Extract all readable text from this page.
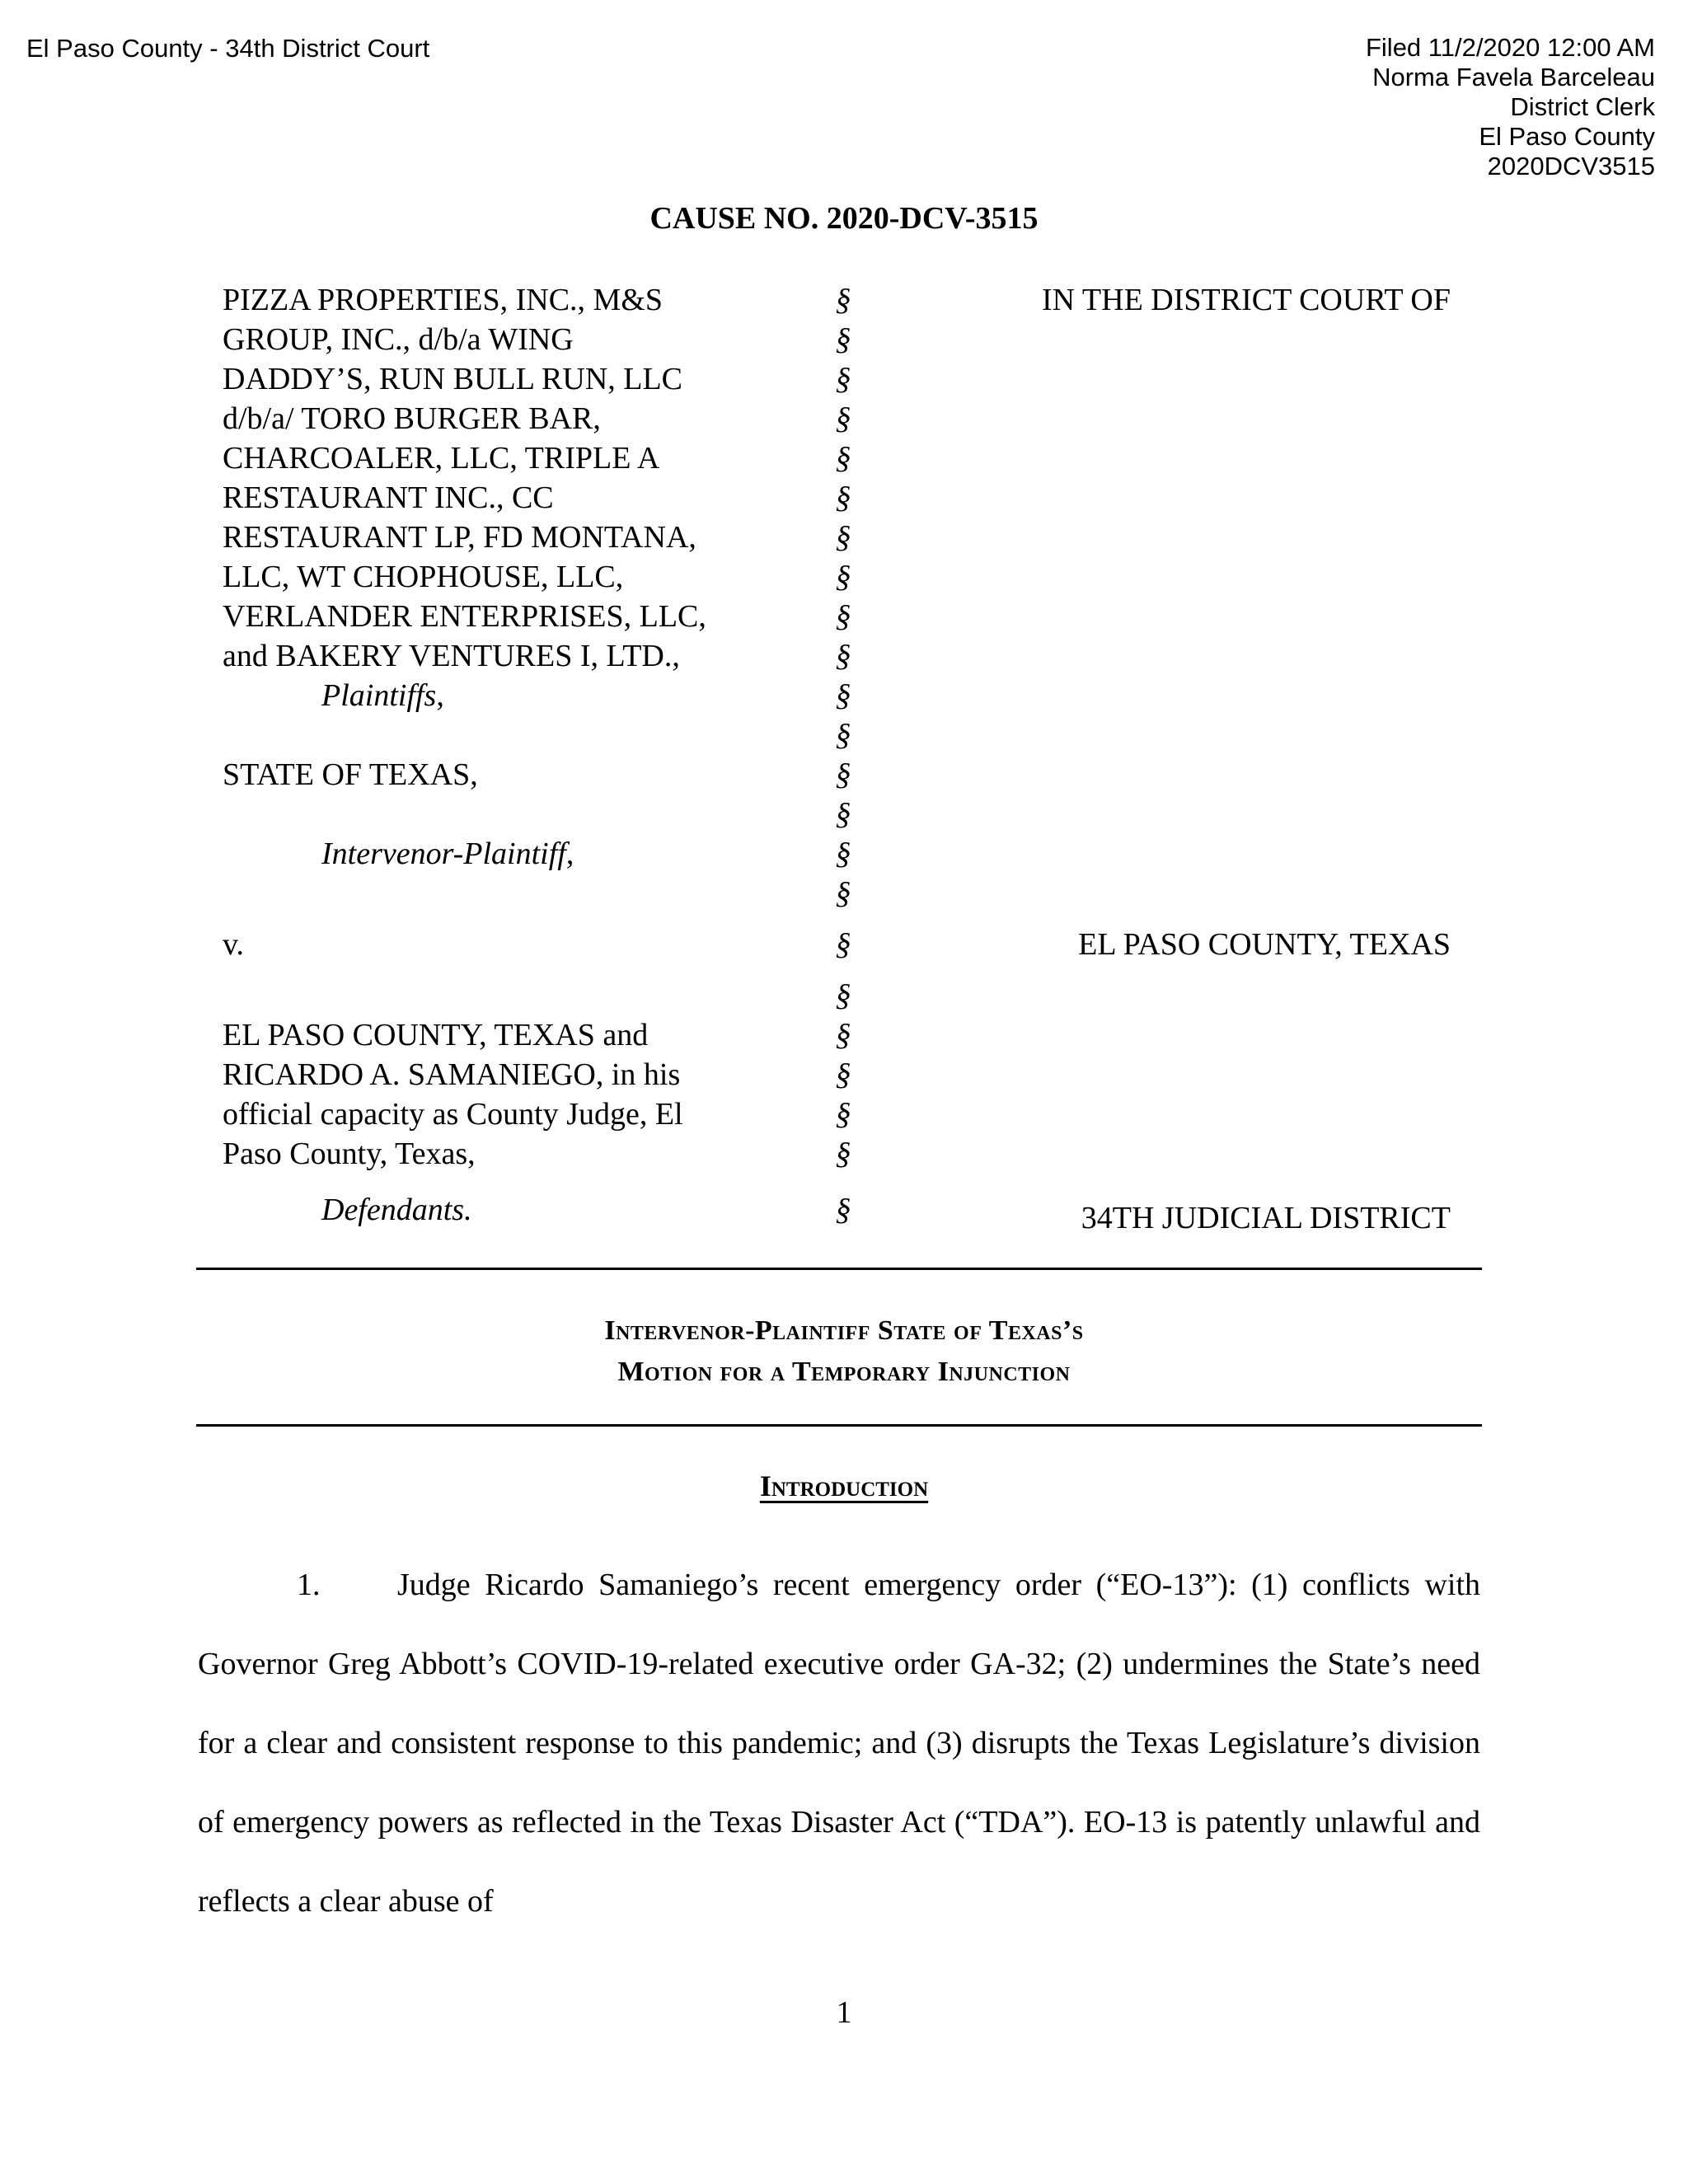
El Paso County - 34th District Court	Filed 11/2/2020 12:00 AM
Norma Favela Barceleau
District Clerk
El Paso County
2020DCV3515
CAUSE NO. 2020-DCV-3515
PIZZA PROPERTIES, INC., M&S
GROUP, INC., d/b/a WING
DADDY’S, RUN BULL RUN, LLC
d/b/a/ TORO BURGER BAR,
CHARCOALER, LLC, TRIPLE A
RESTAURANT INC., CC
RESTAURANT LP, FD MONTANA,
LLC, WT CHOPHOUSE, LLC,
VERLANDER ENTERPRISES, LLC,
and BAKERY VENTURES I, LTD.,
Plaintiffs,
STATE OF TEXAS,
Intervenor-Plaintiff,
v.
EL PASO COUNTY, TEXAS and
RICARDO A. SAMANIEGO, in his
official capacity as County Judge, El
Paso County, Texas,
Defendants.
§
§
§
§
§
§
§
§
§
§
§
§
§
§
§
§
§
§
§
§
§
§
§
IN THE DISTRICT COURT OF
EL PASO COUNTY, TEXAS
34TH JUDICIAL DISTRICT
Intervenor-Plaintiff State of Texas’s
Motion for a Temporary Injunction
Introduction
1. Judge Ricardo Samaniego’s recent emergency order (“EO-13”): (1) conflicts with Governor Greg Abbott’s COVID-19-related executive order GA-32; (2) undermines the State’s need for a clear and consistent response to this pandemic; and (3) disrupts the Texas Legislature’s division of emergency powers as reflected in the Texas Disaster Act (“TDA”). EO-13 is patently unlawful and reflects a clear abuse of
1
